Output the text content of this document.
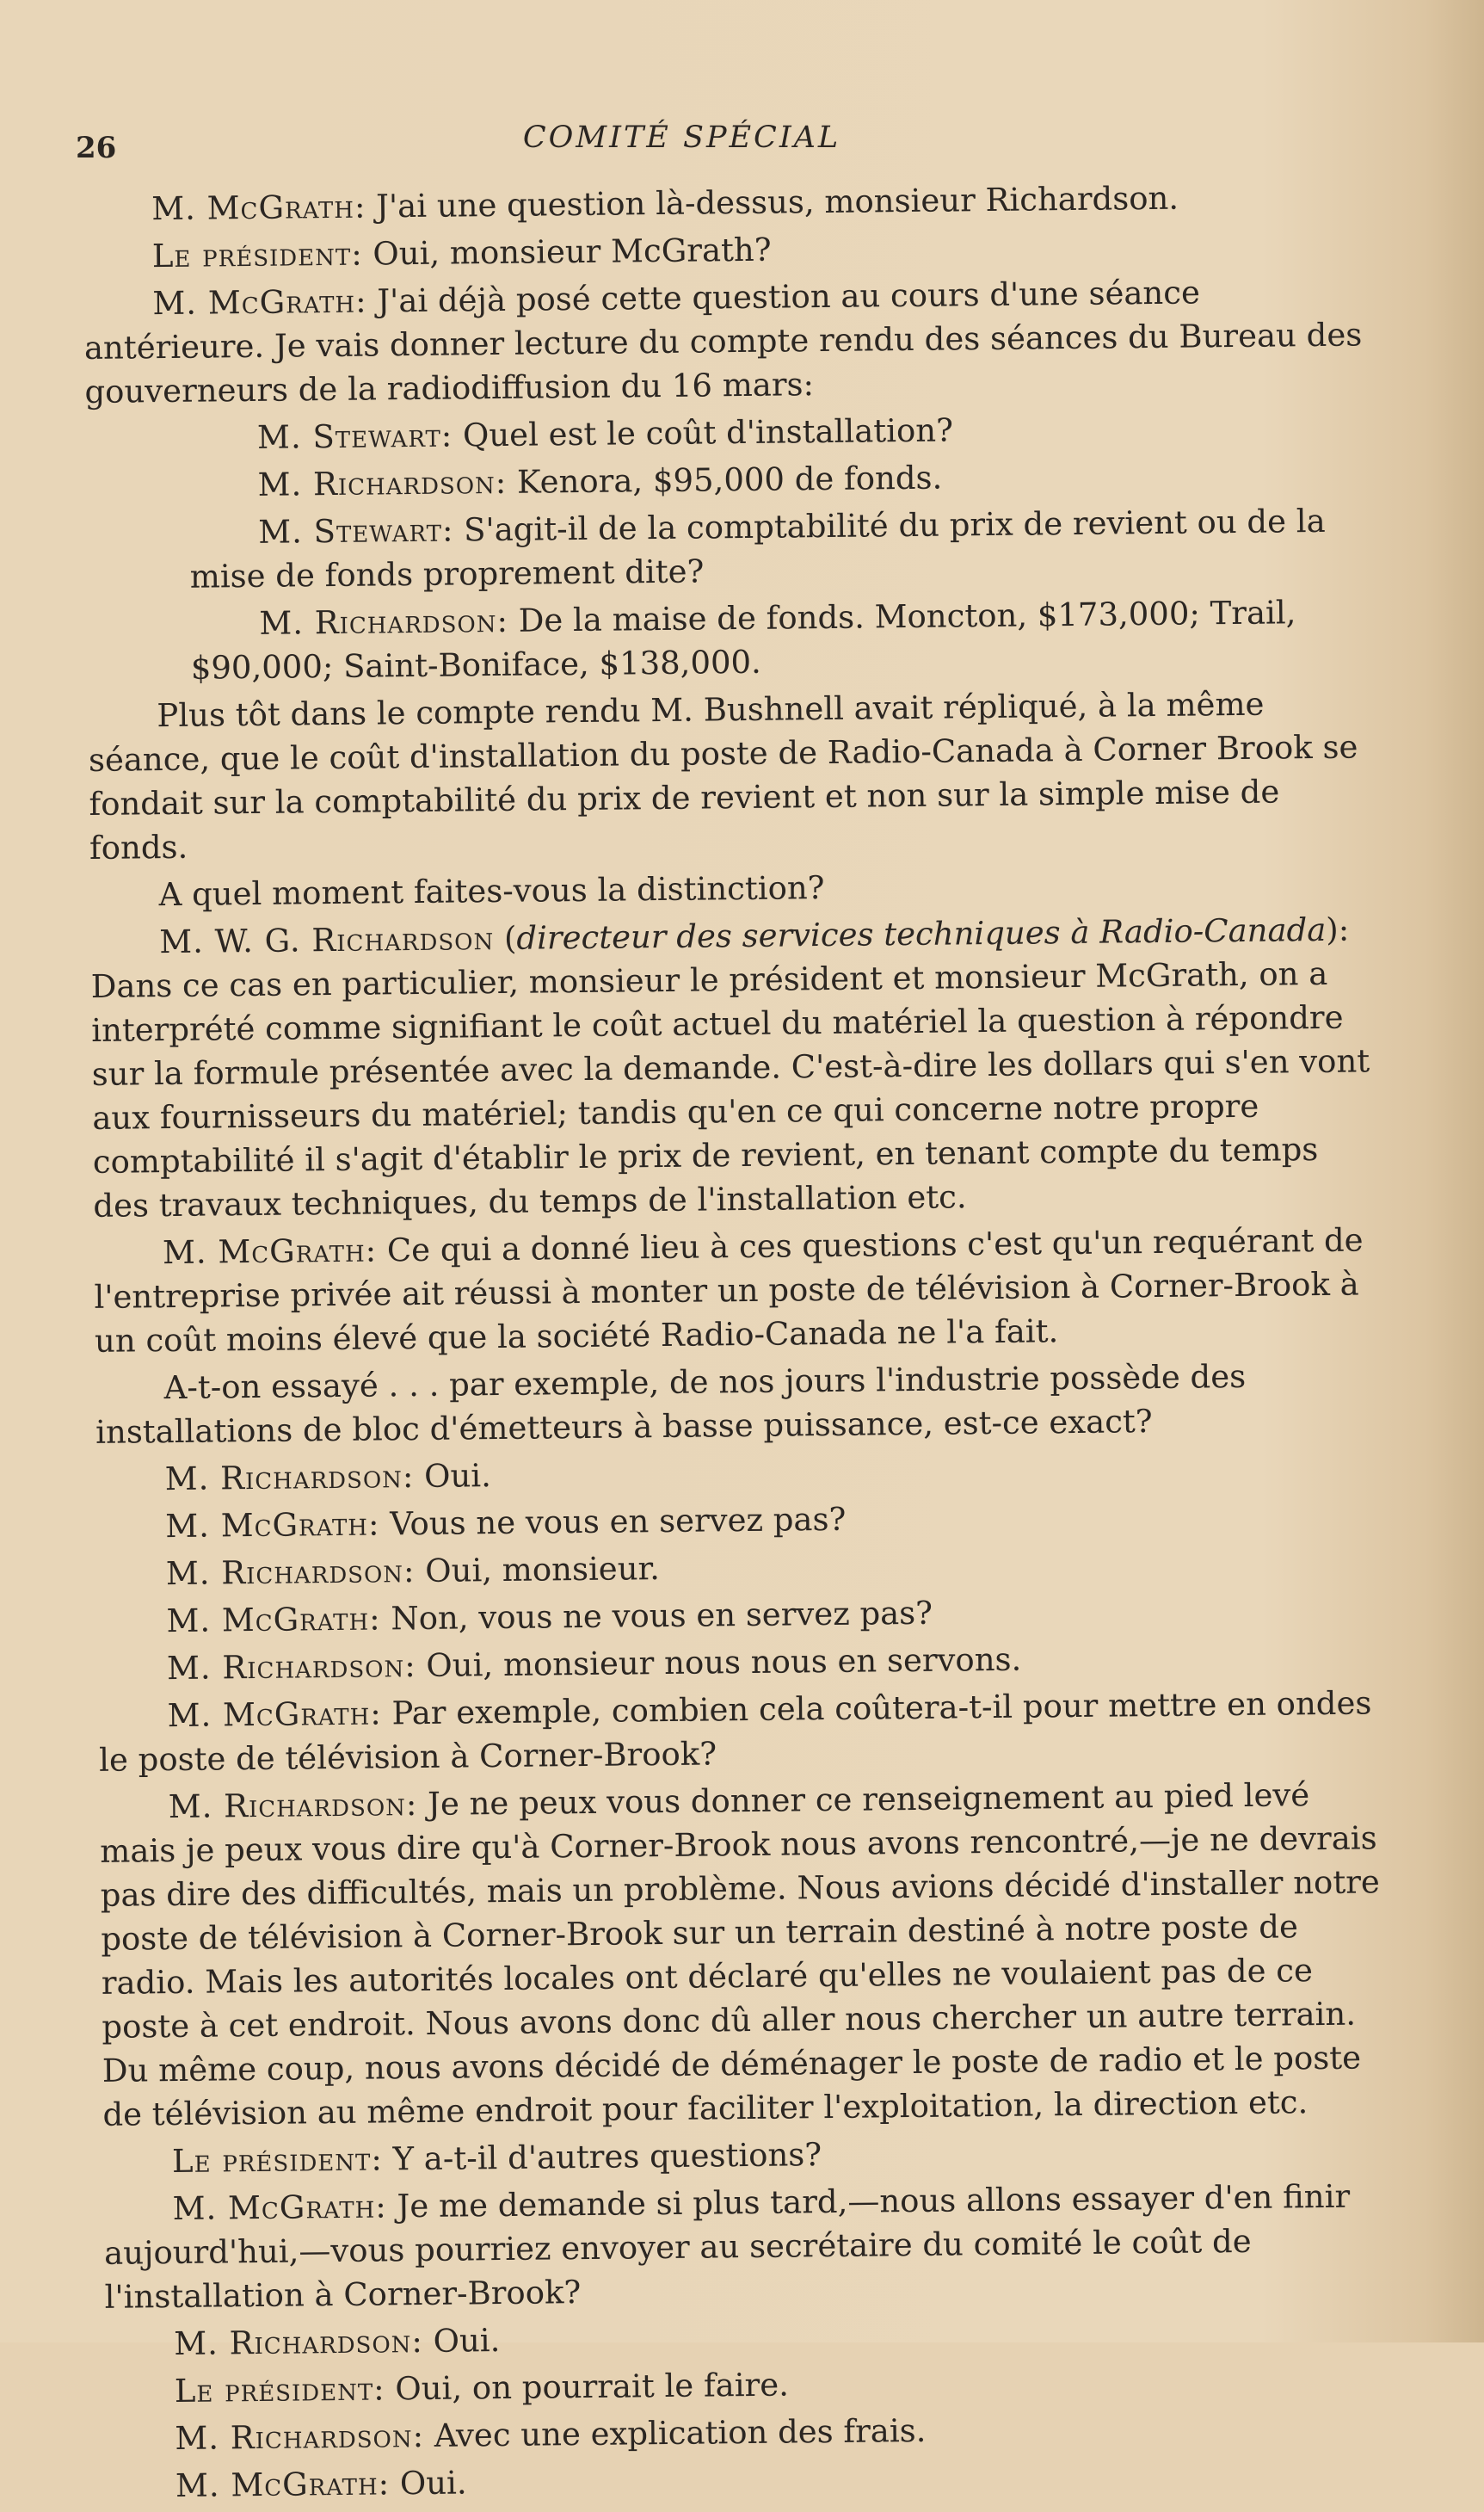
26	COMITÉ SPÉCIAL

M. McGrath: J'ai une question là-dessus, monsieur Richardson.

Le président: Oui, monsieur McGrath?

M. McGrath: J'ai déjà posé cette question au cours d'une séance antérieure. Je vais donner lecture du compte rendu des séances du Bureau des gouverneurs de la radiodiffusion du 16 mars:

M. Stewart: Quel est le coût d'installation?

M. Richardson: Kenora, $95,000 de fonds.

M. Stewart: S'agit-il de la comptabilité du prix de revient ou de la mise de fonds proprement dite?

M. Richardson: De la maise de fonds. Moncton, $173,000; Trail, $90,000; Saint-Boniface, $138,000.

Plus tôt dans le compte rendu M. Bushnell avait répliqué, à la même séance, que le coût d'installation du poste de Radio-Canada à Corner Brook se fondait sur la comptabilité du prix de revient et non sur la simple mise de fonds.

A quel moment faites-vous la distinction?

M. W. G. Richardson (directeur des services techniques à Radio-Canada): Dans ce cas en particulier, monsieur le président et monsieur McGrath, on a interprété comme signifiant le coût actuel du matériel la question à répondre sur la formule présentée avec la demande. C'est-à-dire les dollars qui s'en vont aux fournisseurs du matériel; tandis qu'en ce qui concerne notre propre comptabilité il s'agit d'établir le prix de revient, en tenant compte du temps des travaux techniques, du temps de l'installation etc.

M. McGrath: Ce qui a donné lieu à ces questions c'est qu'un requérant de l'entreprise privée ait réussi à monter un poste de télévision à Corner-Brook à un coût moins élevé que la société Radio-Canada ne l'a fait.

A-t-on essayé . . . par exemple, de nos jours l'industrie possède des installations de bloc d'émetteurs à basse puissance, est-ce exact?

M. Richardson: Oui.

M. McGrath: Vous ne vous en servez pas?

M. Richardson: Oui, monsieur.

M. McGrath: Non, vous ne vous en servez pas?

M. Richardson: Oui, monsieur nous nous en servons.

M. McGrath: Par exemple, combien cela coûtera-t-il pour mettre en ondes le poste de télévision à Corner-Brook?

M. Richardson: Je ne peux vous donner ce renseignement au pied levé mais je peux vous dire qu'à Corner-Brook nous avons rencontré,—je ne devrais pas dire des difficultés, mais un problème. Nous avions décidé d'installer notre poste de télévision à Corner-Brook sur un terrain destiné à notre poste de radio. Mais les autorités locales ont déclaré qu'elles ne voulaient pas de ce poste à cet endroit. Nous avons donc dû aller nous chercher un autre terrain. Du même coup, nous avons décidé de déménager le poste de radio et le poste de télévision au même endroit pour faciliter l'exploitation, la direction etc.

Le président: Y a-t-il d'autres questions?

M. McGrath: Je me demande si plus tard,—nous allons essayer d'en finir aujourd'hui,—vous pourriez envoyer au secrétaire du comité le coût de l'installation à Corner-Brook?

M. Richardson: Oui.

Le président: Oui, on pourrait le faire.

M. Richardson: Avec une explication des frais.

M. McGrath: Oui.
